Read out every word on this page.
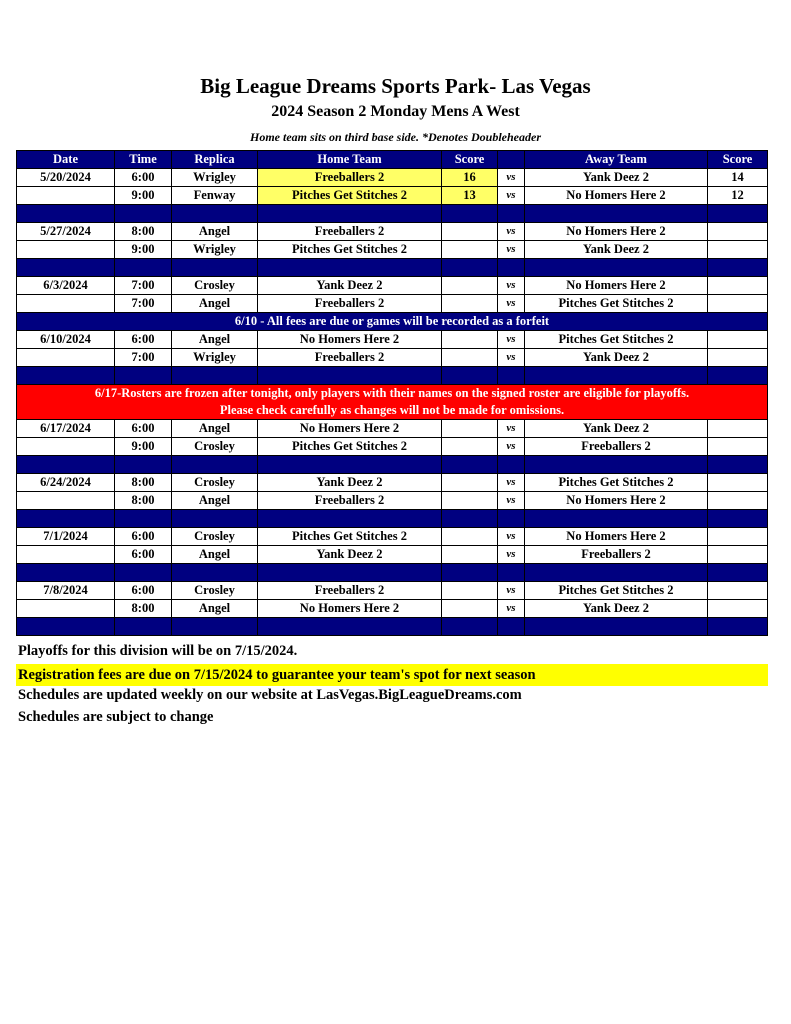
Big League Dreams Sports Park- Las Vegas
2024 Season 2 Monday Mens A West
Home team sits on third base side. *Denotes Doubleheader
Date	Time	Replica	Home Team	Score		Away Team	Score
5/20/2024	6:00	Wrigley	Freeballers 2	16	vs	Yank Deez 2	14
	9:00	Fenway	Pitches Get Stitches 2	13	vs	No Homers Here 2	12

5/27/2024	8:00	Angel	Freeballers 2		vs	No Homers Here 2	
	9:00	Wrigley	Pitches Get Stitches 2		vs	Yank Deez 2	

6/3/2024	7:00	Crosley	Yank Deez 2		vs	No Homers Here 2	
	7:00	Angel	Freeballers 2		vs	Pitches Get Stitches 2	
6/10 - All fees are due or games will be recorded as a forfeit							
6/10/2024	6:00	Angel	No Homers Here 2		vs	Pitches Get Stitches 2	
	7:00	Wrigley	Freeballers 2		vs	Yank Deez 2	

6/17-Rosters are frozen after tonight, only players with their names on the signed roster are eligible for playoffs.
Please check carefully as changes will not be made for omissions.							

6/17/2024	6:00	Angel	No Homers Here 2		vs	Yank Deez 2	
	9:00	Crosley	Pitches Get Stitches 2		vs	Freeballers 2	

6/24/2024	8:00	Crosley	Yank Deez 2		vs	Pitches Get Stitches 2	
	8:00	Angel	Freeballers 2		vs	No Homers Here 2	

7/1/2024	6:00	Crosley	Pitches Get Stitches 2		vs	No Homers Here 2	
	6:00	Angel	Yank Deez 2		vs	Freeballers 2	

7/8/2024	6:00	Crosley	Freeballers 2		vs	Pitches Get Stitches 2	
	8:00	Angel	No Homers Here 2		vs	Yank Deez 2	

Playoffs for this division will be on 7/15/2024.
Registration fees are due on 7/15/2024 to guarantee your team's spot for next season
Schedules are updated weekly on our website at LasVegas.BigLeagueDreams.com
Schedules are subject to change
